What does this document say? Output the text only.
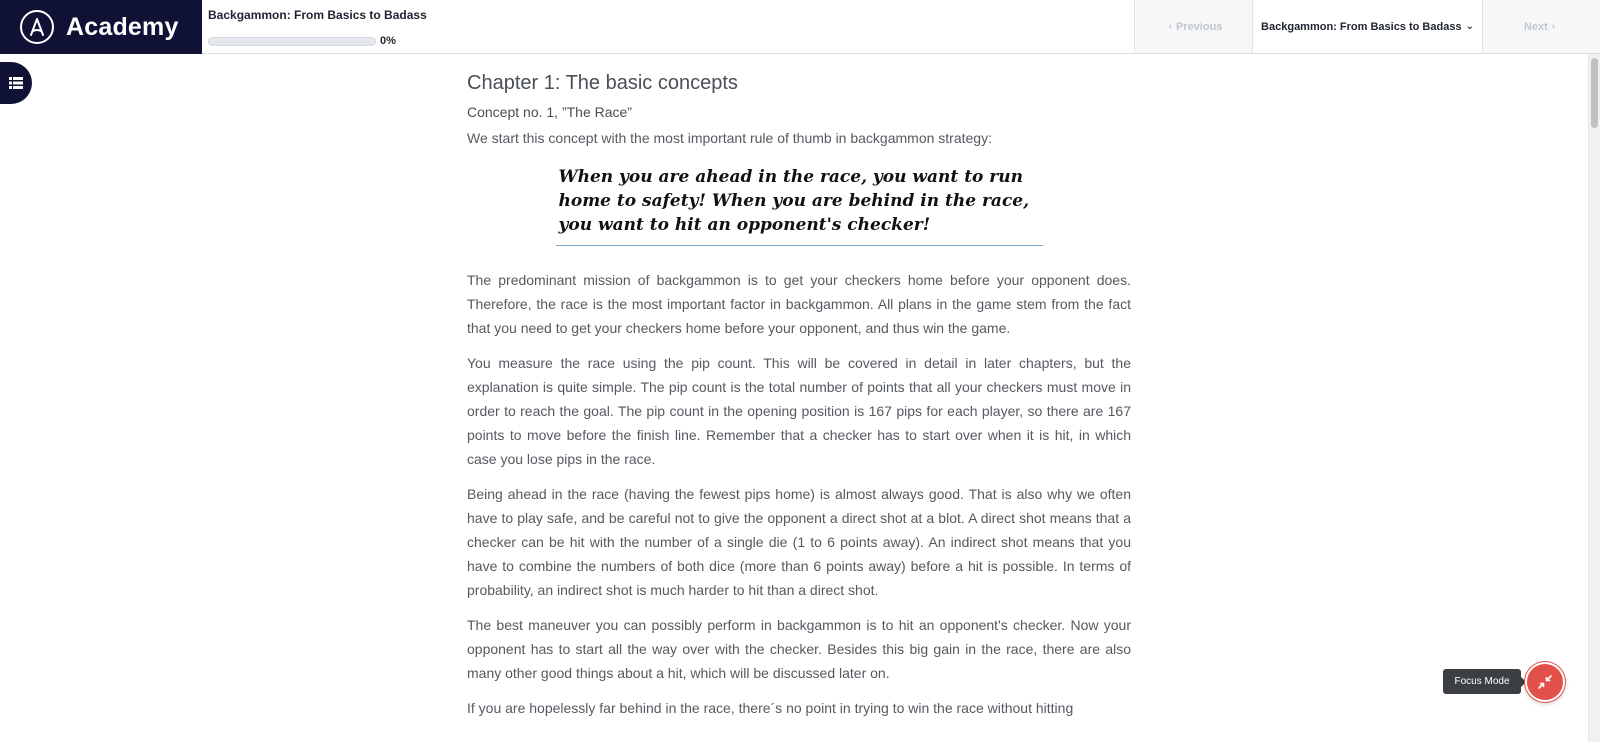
Academy Backgammon: From Basics to Badass
0%
‹ Previous	Backgammon: From Basics to Badass ⌄	Next ›
Chapter 1: The basic concepts
Concept no. 1, ”The Race”

We start this concept with the most important rule of thumb in backgammon strategy:

When you are ahead in the race, you want to run home to safety! When you are behind in the race, you want to hit an opponent's checker!

The predominant mission of backgammon is to get your checkers home before your opponent does. Therefore, the race is the most important factor in backgammon. All plans in the game stem from the fact that you need to get your checkers home before your opponent, and thus win the game.

You measure the race using the pip count. This will be covered in detail in later chapters, but the explanation is quite simple. The pip count is the total number of points that all your checkers must move in order to reach the goal. The pip count in the opening position is 167 pips for each player, so there are 167 points to move before the finish line. Remember that a checker has to start over when it is hit, in which case you lose pips in the race.

Being ahead in the race (having the fewest pips home) is almost always good. That is also why we often have to play safe, and be careful not to give the opponent a direct shot at a blot. A direct shot means that a checker can be hit with the number of a single die (1 to 6 points away). An indirect shot means that you have to combine the numbers of both dice (more than 6 points away) before a hit is possible. In terms of probability, an indirect shot is much harder to hit than a direct shot.

The best maneuver you can possibly perform in backgammon is to hit an opponent's checker. Now your opponent has to start all the way over with the checker. Besides this big gain in the race, there are also many other good things about a hit, which will be discussed later on.

If you are hopelessly far behind in the race, there´s no point in trying to win the race without hitting

Focus Mode
